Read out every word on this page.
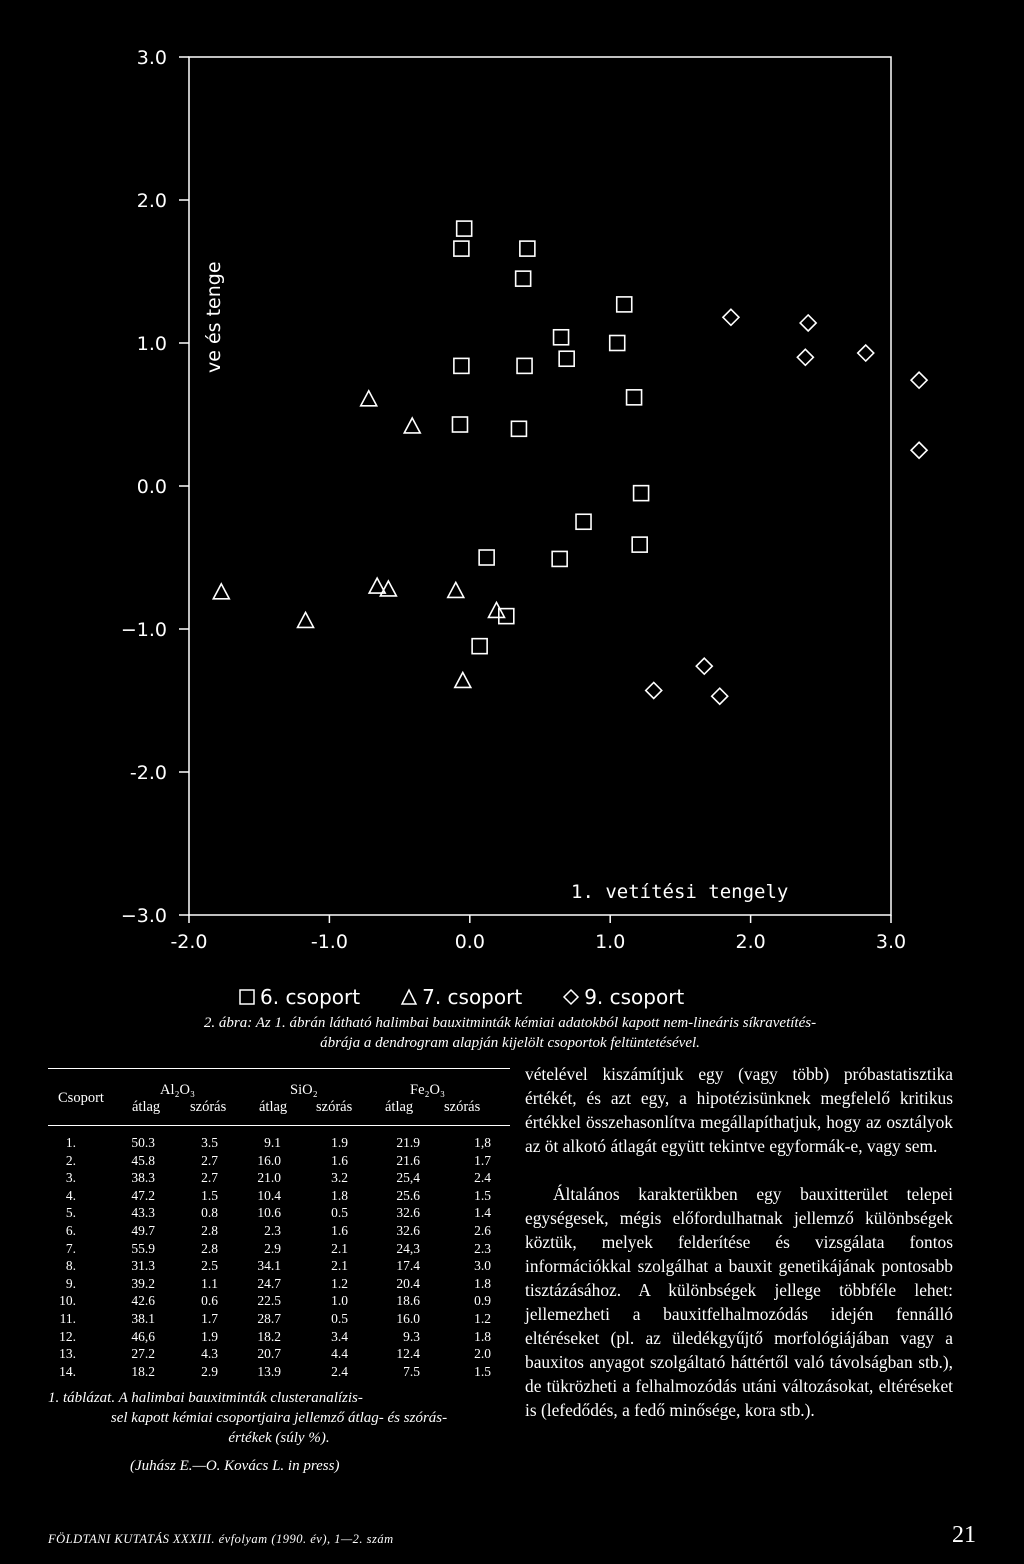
3.0
2.0
1.0
0.0
−1.0
-2.0
−3.0
-2.0	-1.0	0.0	1.0	2.0	3.0
ve és tenge
1. vetítési tengely
6. csoport	7. csoport	9. csoport
2. ábra: Az 1. ábrán látható halimbai bauxitminták kémiai adatokból kapott nem-lineáris síkravetítés-
ábrája a dendrogram alapján kijelölt csoportok feltüntetésével.
Csoport	Al₂O₃	SiO₂	Fe₂O₃
átlag szórás átlag szórás átlag szórás
1.	50.3	3.5	9.1	1.9	21.9	1,8
2.	45.8	2.7	16.0	1.6	21.6	1.7
3.	38.3	2.7	21.0	3.2	25,4	2.4
4.	47.2	1.5	10.4	1.8	25.6	1.5
5.	43.3	0.8	10.6	0.5	32.6	1.4
6.	49.7	2.8	2.3	1.6	32.6	2.6
7.	55.9	2.8	2.9	2.1	24,3	2.3
8.	31.3	2.5	34.1	2.1	17.4	3.0
9.	39.2	1.1	24.7	1.2	20.4	1.8
10.	42.6	0.6	22.5	1.0	18.6	0.9
11.	38.1	1.7	28.7	0.5	16.0	1.2
12.	46,6	1.9	18.2	3.4	9.3	1.8
13.	27.2	4.3	20.7	4.4	12.4	2.0
14.	18.2	2.9	13.9	2.4	7.5	1.5
1. táblázat. A halimbai bauxitminták clusteranalízis-
sel kapott kémiai csoportjaira jellemző átlag- és szórás-
értékek (súly %).
(Juhász E.—O. Kovács L. in press)

vételével kiszámítjuk egy (vagy több) próbastatisztika értékét, és azt egy, a hipotézisünknek megfelelő kritikus értékkel összehasonlítva megállapíthatjuk, hogy az osztályok az öt alkotó átlagát együtt tekintve egyformák-e, vagy sem.

Általános karakterükben egy bauxitterület telepei egységesek, mégis előfordulhatnak jellemző különbségek köztük, melyek felderítése és vizsgálata fontos információkkal szolgálhat a bauxit genetikájának pontosabb tisztázásához. A különbségek jellege többféle lehet: jellemezheti a bauxitfelhalmozódás idején fennálló eltéréseket (pl. az üledékgyűjtő morfológiájában vagy a bauxitos anyagot szolgáltató háttértől való távolságban stb.), de tükrözheti a felhalmozódás utáni változásokat, eltéréseket is (lefedődés, a fedő minősége, kora stb.).

FÖLDTANI KUTATÁS XXXIII. évfolyam (1990. év), 1—2. szám	21
